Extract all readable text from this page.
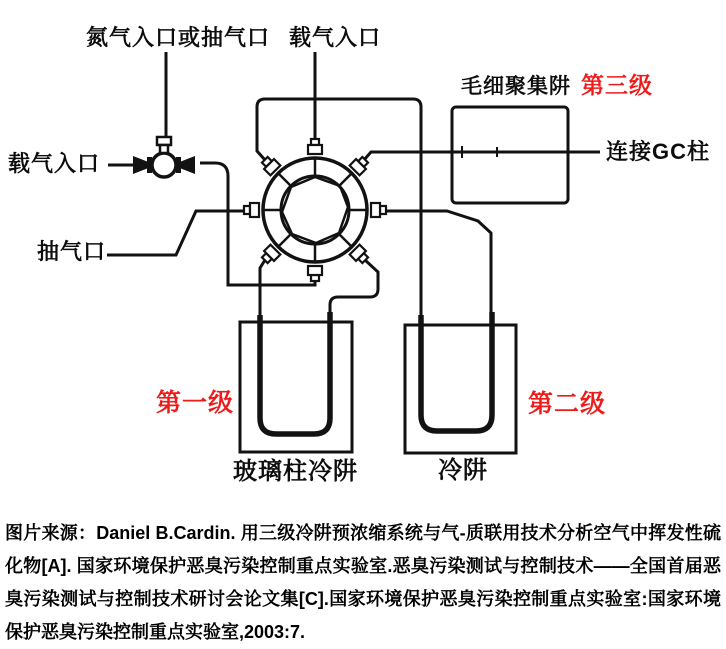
氮气入口或抽气口 载气入口
载气入口
抽气口
毛细聚集阱 第三级
连接GC柱
第一级	第二级
玻璃柱冷阱	冷阱

图片来源：Daniel B.Cardin. 用三级冷阱预浓缩系统与气-质联用技术分析空气中挥发性硫化物[A]. 国家环境保护恶臭污染控制重点实验室.恶臭污染测试与控制技术——全国首届恶臭污染测试与控制技术研讨会论文集[C].国家环境保护恶臭污染控制重点实验室:国家环境保护恶臭污染控制重点实验室,2003:7.
